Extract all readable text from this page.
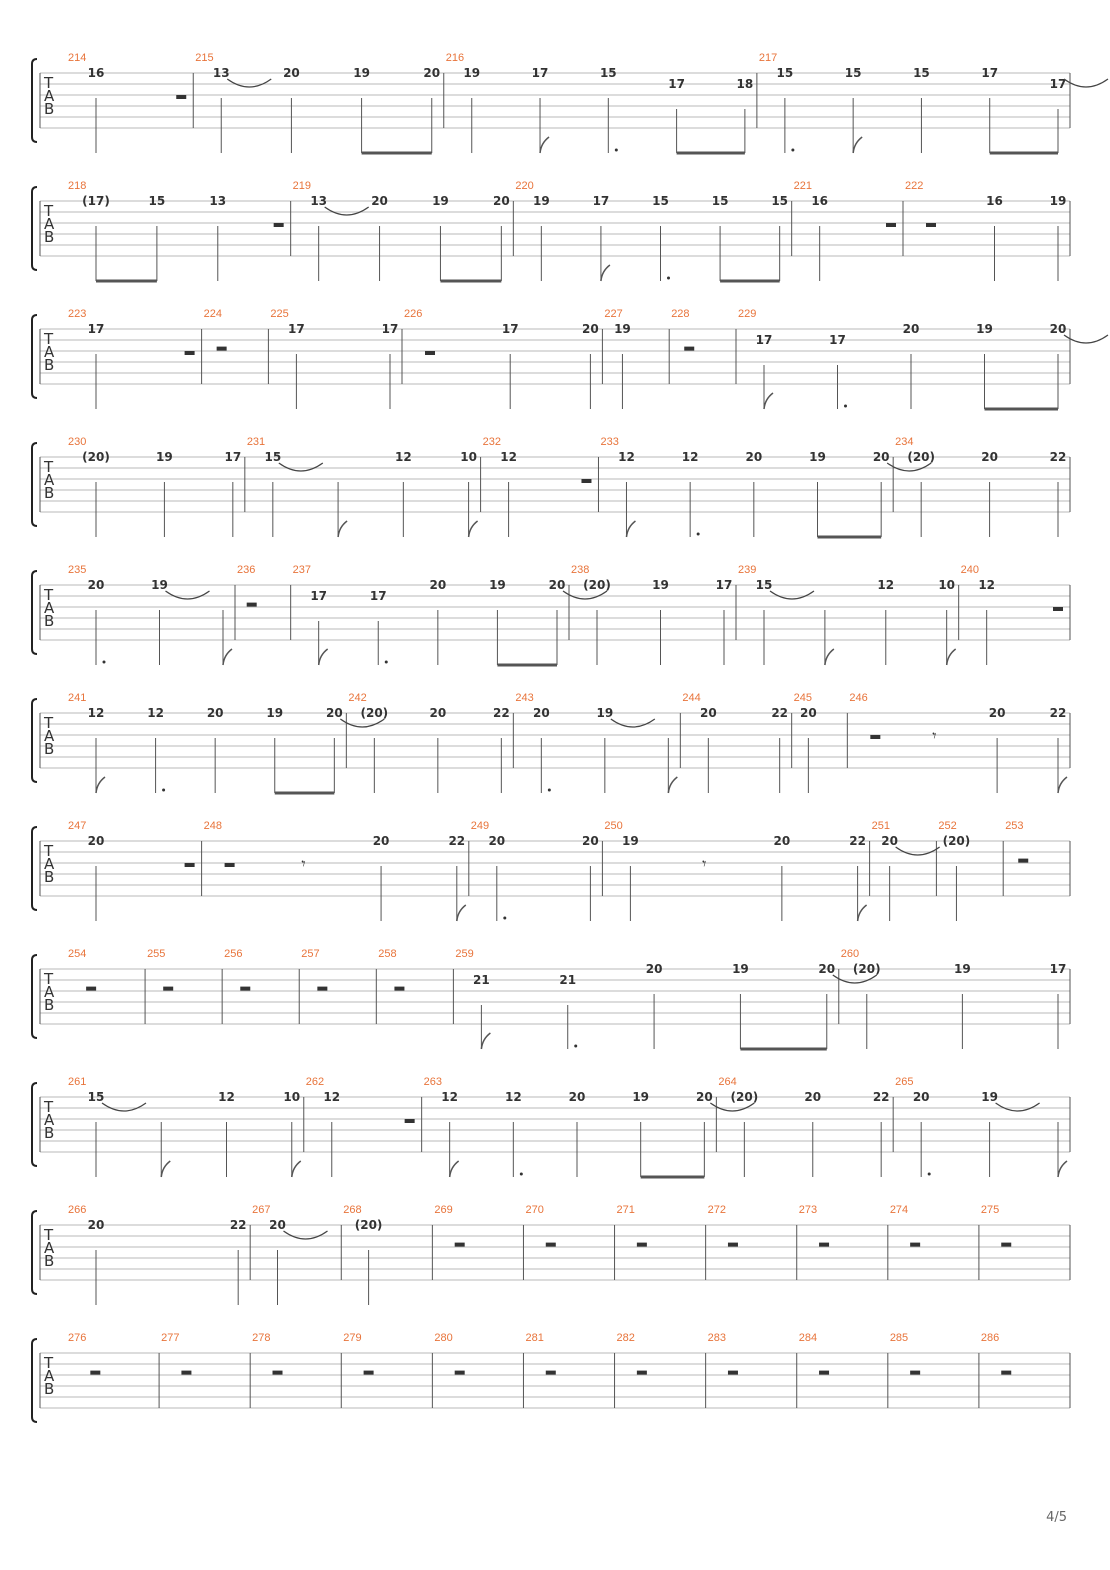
T
A
B
214
16
215
13	20	19	20
216
19	17	15
17	18
217
15	15	15	17
17
T
A
B
218
(17)	15	13
219
13	20	19	20
220
19	17	15	15	15
221
16
222
16	19
T
A
B
223
17
224	225
17	17
226
17	20
227
19
228	229
17	17
20	19	20
T
A
B
230
(20)	19	17
231
15	12	10
232
12
233
12	12	20	19	20
234
(20)	20	22
T
A
B
235
20	19
236	237
17	17
20	19	20
238
(20)	19	17
239
15	12	10
240
12
T
A
B
241
12	12	20	19	20
242
(20)	20	22
243
20	19
244
20	22
245
20
246
𝄾
20	22
T
A
B
247
20
248
𝄾
20	22
249
20	20
250
19
𝄾
20	22
251
20
252
(20)
253
T
A
B
254	255	256	257	258	259
21	21
20	19	20
260
(20)	19	17
T
A
B
261
15	12	10
262
12
263
12	12	20	19	20
264
(20)	20	22
265
20	19
T
A
B
266
20	22
267
20
268
(20)
269	270	271	272	273	274	275
T
A
B
276	277	278	279	280	281	282	283	284	285	286
4/5
